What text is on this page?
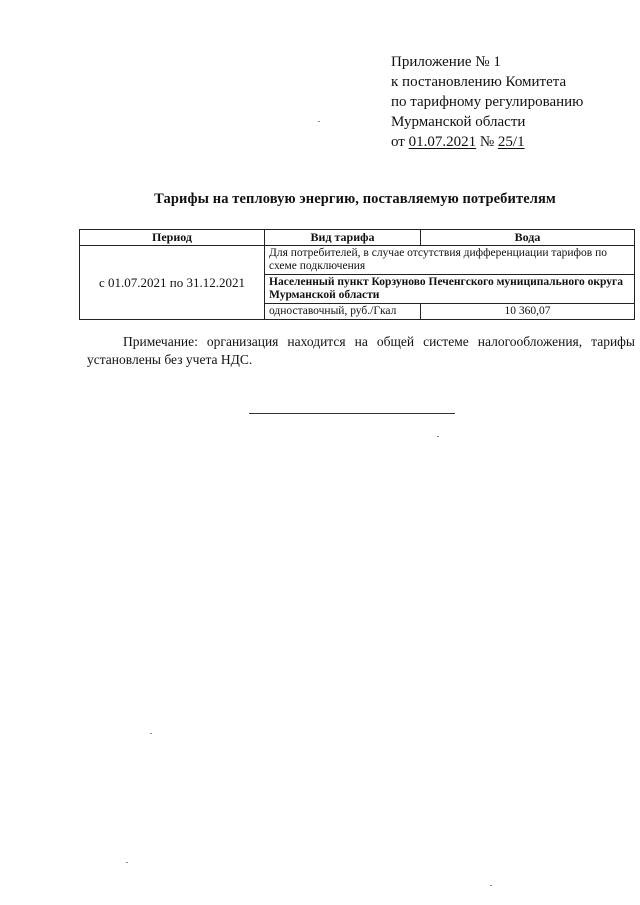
Приложение № 1
к постановлению Комитета
по тарифному регулированию
Мурманской области
от 01.07.2021 № 25/1
Тарифы на тепловую энергию, поставляемую потребителям
Период	Вид тарифа	Вода
с 01.07.2021 по 31.12.2021	Для потребителей, в случае отсутствия дифференциации тарифов по схеме подключения	
	Населенный пункт Корзуново Печенгского муниципального округа Мурманской области	
	одноставочный, руб./Гкал	10 360,07
Примечание: организация находится на общей системе налогообложения, тарифы установлены без учета НДС.
